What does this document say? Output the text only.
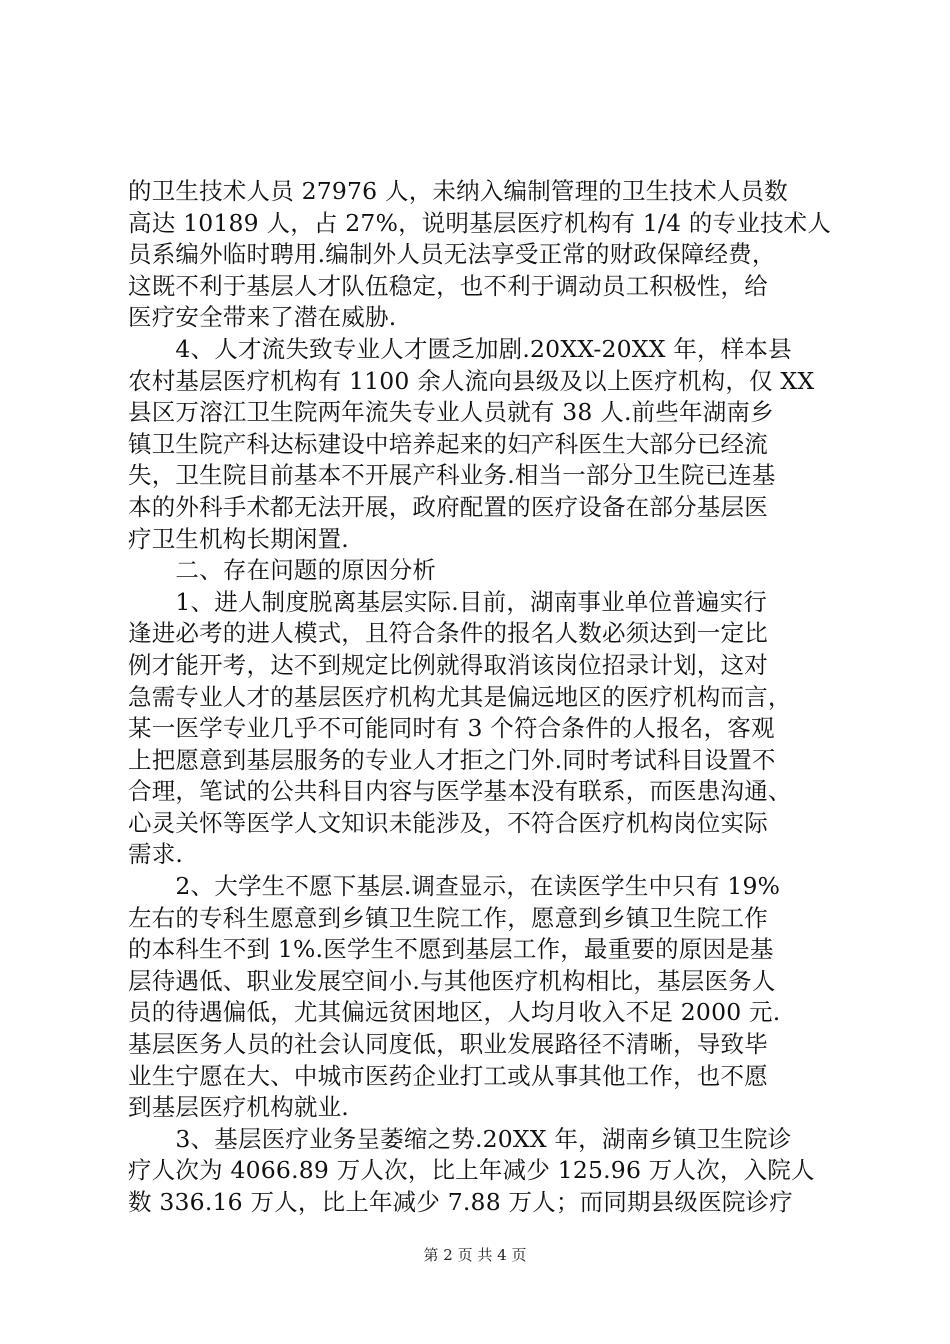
的卫生技术人员 27976 人，未纳入编制管理的卫生技术人员数
高达 10189 人，占 27%，说明基层医疗机构有 1/4 的专业技术人
员系编外临时聘用.编制外人员无法享受正常的财政保障经费，
这既不利于基层人才队伍稳定，也不利于调动员工积极性，给
医疗安全带来了潜在威胁.
　　4、人才流失致专业人才匮乏加剧.20XX-20XX 年，样本县
农村基层医疗机构有 1100 余人流向县级及以上医疗机构，仅 XX
县区万溶江卫生院两年流失专业人员就有 38 人.前些年湖南乡
镇卫生院产科达标建设中培养起来的妇产科医生大部分已经流
失，卫生院目前基本不开展产科业务.相当一部分卫生院已连基
本的外科手术都无法开展，政府配置的医疗设备在部分基层医
疗卫生机构长期闲置.
　　二、存在问题的原因分析
　　1、进人制度脱离基层实际.目前，湖南事业单位普遍实行
逢进必考的进人模式，且符合条件的报名人数必须达到一定比
例才能开考，达不到规定比例就得取消该岗位招录计划，这对
急需专业人才的基层医疗机构尤其是偏远地区的医疗机构而言，
某一医学专业几乎不可能同时有 3 个符合条件的人报名，客观
上把愿意到基层服务的专业人才拒之门外.同时考试科目设置不
合理，笔试的公共科目内容与医学基本没有联系，而医患沟通、
心灵关怀等医学人文知识未能涉及，不符合医疗机构岗位实际
需求.
　　2、大学生不愿下基层.调查显示，在读医学生中只有 19%
左右的专科生愿意到乡镇卫生院工作，愿意到乡镇卫生院工作
的本科生不到 1%.医学生不愿到基层工作，最重要的原因是基
层待遇低、职业发展空间小.与其他医疗机构相比，基层医务人
员的待遇偏低，尤其偏远贫困地区，人均月收入不足 2000 元.
基层医务人员的社会认同度低，职业发展路径不清晰，导致毕
业生宁愿在大、中城市医药企业打工或从事其他工作，也不愿
到基层医疗机构就业.
　　3、基层医疗业务呈萎缩之势.20XX 年，湖南乡镇卫生院诊
疗人次为 4066.89 万人次，比上年减少 125.96 万人次，入院人
数 336.16 万人，比上年减少 7.88 万人；而同期县级医院诊疗
第 2 页 共 4 页
